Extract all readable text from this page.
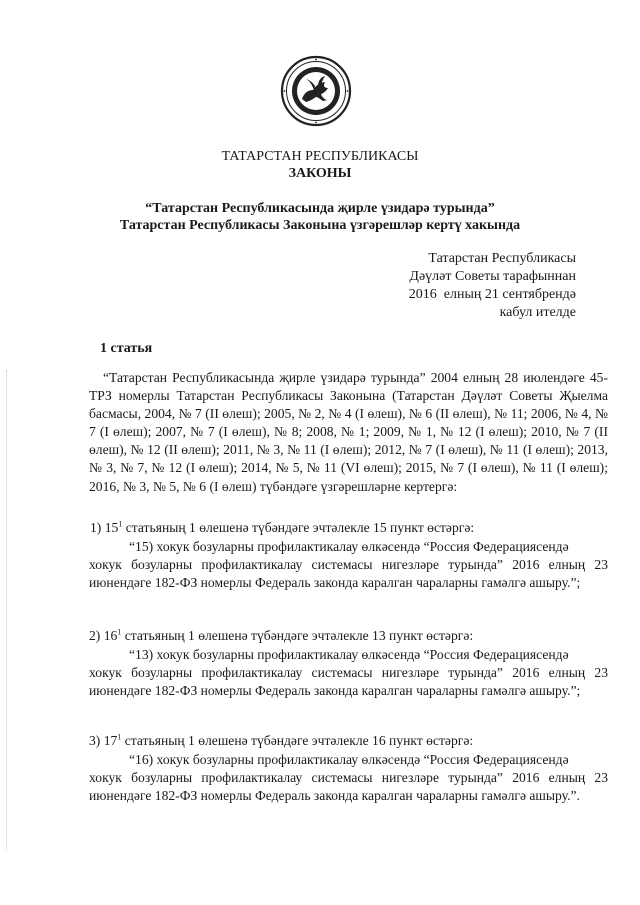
ТАТАРСТАН РЕСПУБЛИКАСЫ
ЗАКОНЫ
“Татарстан Республикасында җирле үзидарә турында”
Татарстан Республикасы Законына үзгәрешләр кертү хакында
Татарстан Республикасы
Дәүләт Советы тарафыннан
2016  елның 21 сентябрендә
кабул ителде
1 статья
“Татарстан Республикасында җирле үзидарә турында” 2004 елның 28 июлендәге 45-ТРЗ номерлы Татарстан Республикасы Законына (Татарстан Дәүләт Советы Җыелма басмасы, 2004, № 7 (II өлеш); 2005, № 2, № 4 (I өлеш), № 6 (II өлеш), № 11; 2006, № 4, № 7 (I өлеш); 2007, № 7 (I өлеш), № 8; 2008, № 1; 2009, № 1, № 12 (I өлеш); 2010, № 7 (II өлеш), № 12 (II өлеш); 2011, № 3, № 11 (I өлеш); 2012, № 7 (I өлеш), № 11 (I өлеш); 2013, № 3, № 7, № 12 (I өлеш); 2014, № 5, № 11 (VI өлеш); 2015, № 7 (I өлеш), № 11 (I өлеш); 2016, № 3, № 5, № 6 (I өлеш) түбәндәге үзгәрешләрне кертергә:
1) $15^1$ статьяның 1 өлешенә түбәндәге эчтәлекле 15 пункт өстәргә:
“15) хокук бозуларны профилактикалау өлкәсендә “Россия Федерациясендә
хокук бозуларны профилактикалау системасы нигезләре турында” 2016 елның 23 июнендәге 182-ФЗ номерлы Федераль законда каралган чараларны гамәлгә ашыру.”;
2) $16^1$ статьяның 1 өлешенә түбәндәге эчтәлекле 13 пункт өстәргә:
“13) хокук бозуларны профилактикалау өлкәсендә “Россия Федерациясендә
хокук бозуларны профилактикалау системасы нигезләре турында” 2016 елның 23 июнендәге 182-ФЗ номерлы Федераль законда каралган чараларны гамәлгә ашыру.”;
3) $17^1$ статьяның 1 өлешенә түбәндәге эчтәлекле 16 пункт өстәргә:
“16) хокук бозуларны профилактикалау өлкәсендә “Россия Федерациясендә
хокук бозуларны профилактикалау системасы нигезләре турында” 2016 елның 23 июнендәге 182-ФЗ номерлы Федераль законда каралган чараларны гамәлгә ашыру.”.
